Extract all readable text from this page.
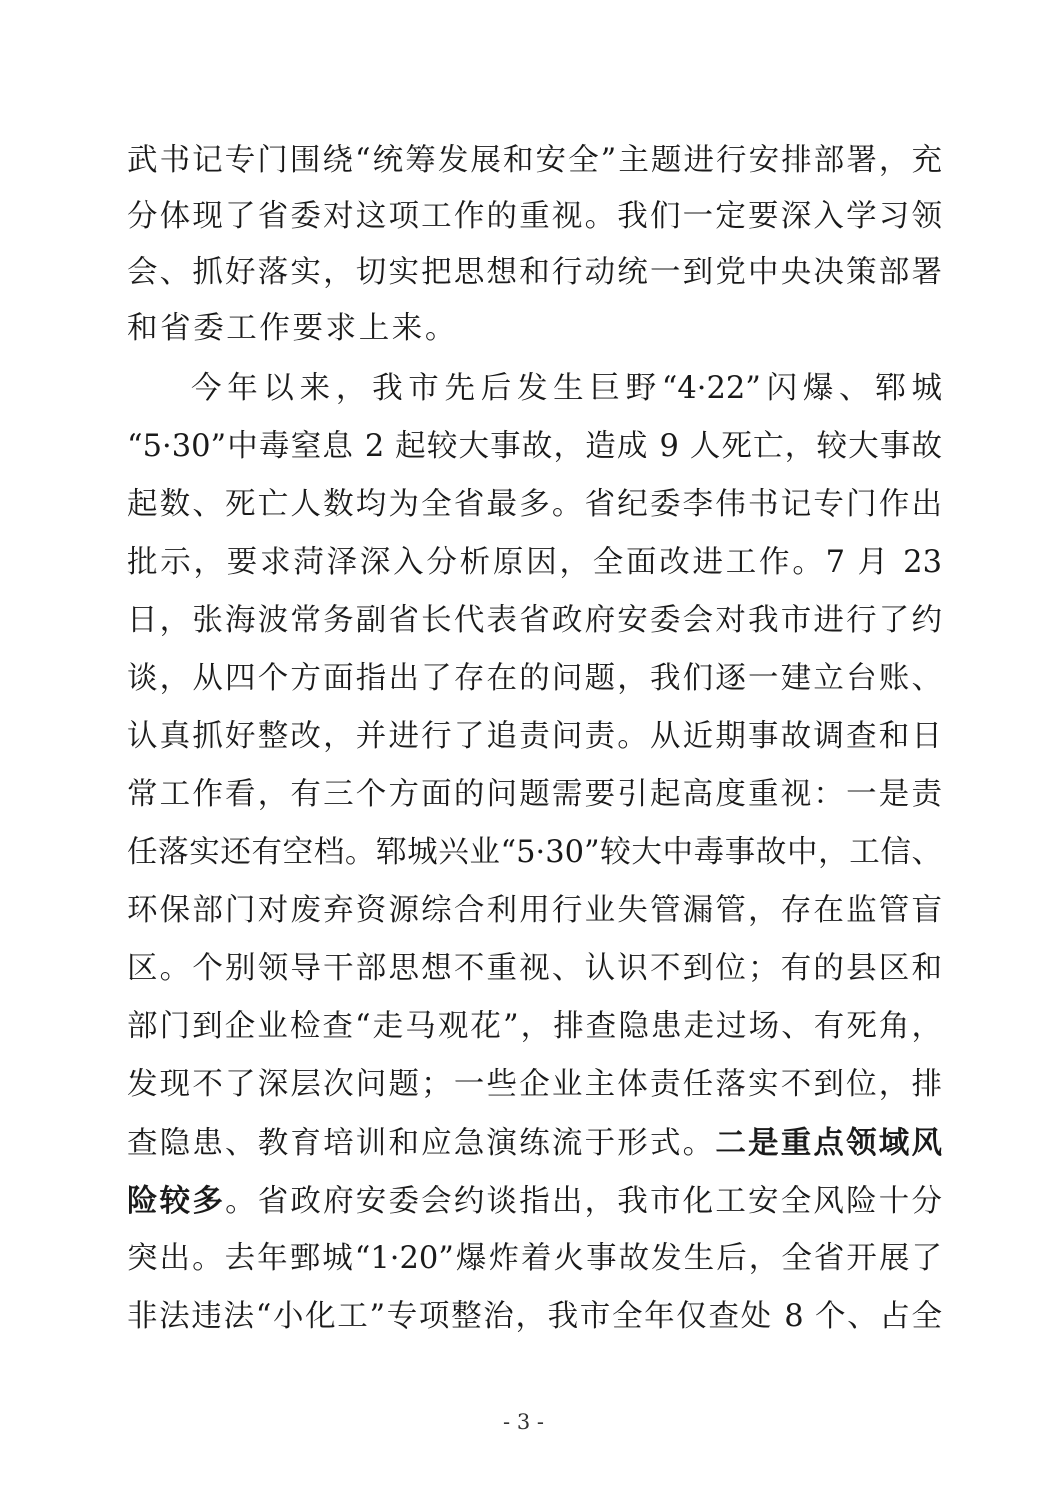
武书记专门围绕“统筹发展和安全”主题进行安排部署，充
分体现了省委对这项工作的重视。我们一定要深入学习领
会、抓好落实，切实把思想和行动统一到党中央决策部署
和省委工作要求上来。
今年以来，我市先后发生巨野“4·22”闪爆、郓城
“5·30”中毒窒息 2 起较大事故，造成 9 人死亡，较大事故
起数、死亡人数均为全省最多。省纪委李伟书记专门作出
批示，要求菏泽深入分析原因，全面改进工作。7 月 23
日，张海波常务副省长代表省政府安委会对我市进行了约
谈，从四个方面指出了存在的问题，我们逐一建立台账、
认真抓好整改，并进行了追责问责。从近期事故调查和日
常工作看，有三个方面的问题需要引起高度重视：一是责
任落实还有空档。郓城兴业“5·30”较大中毒事故中，工信、
环保部门对废弃资源综合利用行业失管漏管，存在监管盲
区。个别领导干部思想不重视、认识不到位；有的县区和
部门到企业检查“走马观花”，排查隐患走过场、有死角，
发现不了深层次问题；一些企业主体责任落实不到位，排
查隐患、教育培训和应急演练流于形式。二是重点领域风
险较多。省政府安委会约谈指出，我市化工安全风险十分
突出。去年鄄城“1·20”爆炸着火事故发生后，全省开展了
非法违法“小化工”专项整治，我市全年仅查处 8 个、占全
- 3 -
